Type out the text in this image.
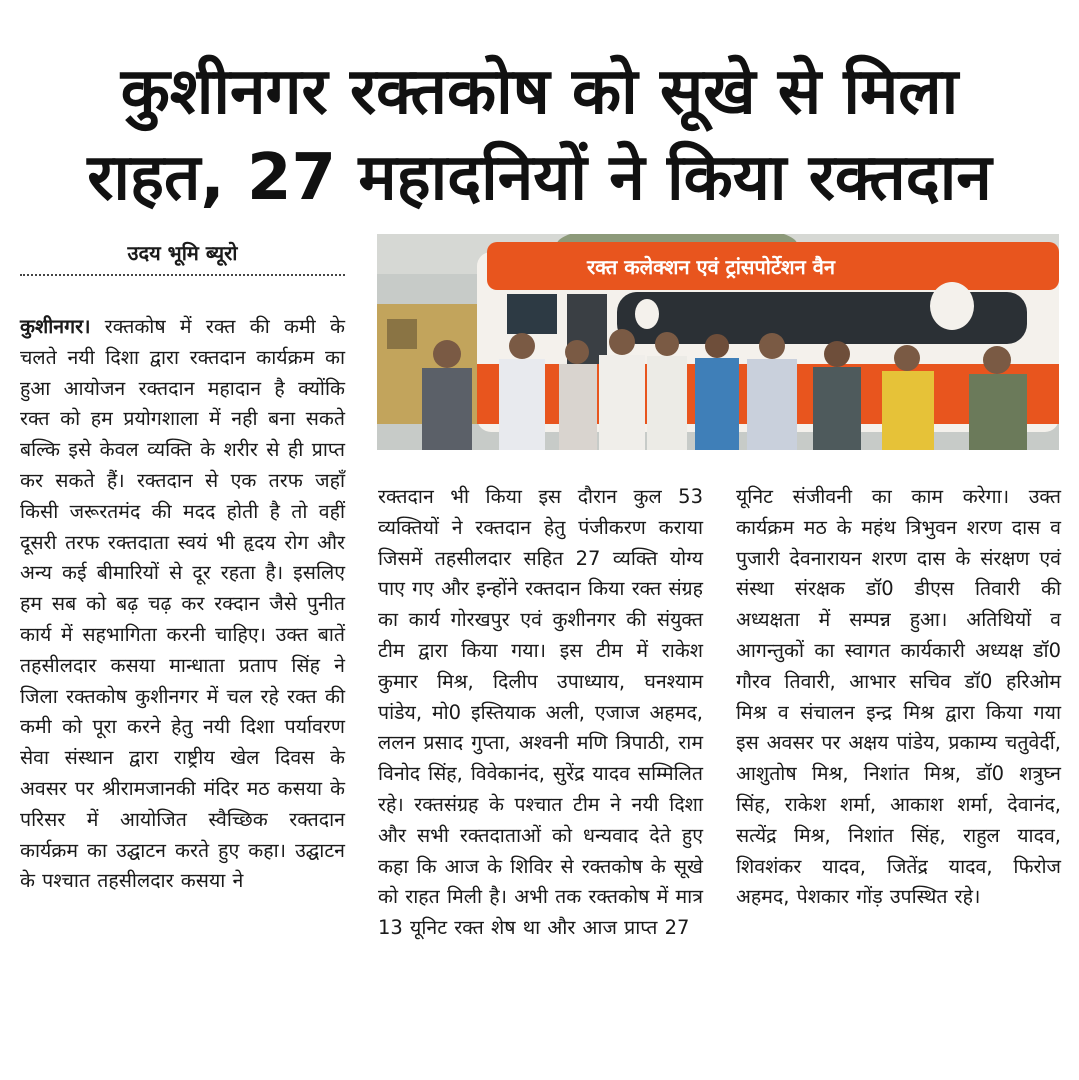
कुशीनगर रक्तकोष को सूखे से मिला
राहत, 27 महादनियों ने किया रक्तदान
उदय भूमि ब्यूरो
रक्त कलेक्शन एवं ट्रांसपोर्टेशन वैन
कुशीनगर। रक्तकोष में रक्त की कमी के चलते नयी दिशा द्वारा रक्तदान कार्यक्रम का हुआ आयोजन रक्तदान महादान है क्योंकि रक्त को हम प्रयोगशाला में नही बना सकते बल्कि इसे केवल व्यक्ति के शरीर से ही प्राप्त कर सकते हैं। रक्तदान से एक तरफ जहाँ किसी जरूरतमंद की मदद होती है तो वहीं दूसरी तरफ रक्तदाता स्वयं भी हृदय रोग और अन्य कई बीमारियों से दूर रहता है। इसलिए हम सब को बढ़ चढ़ कर रक्दान जैसे पुनीत कार्य में सहभागिता करनी चाहिए। उक्त बातें तहसीलदार कसया मान्धाता प्रताप सिंह ने जिला रक्तकोष कुशीनगर में चल रहे रक्त की कमी को पूरा करने हेतु नयी दिशा पर्यावरण सेवा संस्थान द्वारा राष्ट्रीय खेल दिवस के अवसर पर श्रीरामजानकी मंदिर मठ कसया के परिसर में आयोजित स्वैच्छिक रक्तदान कार्यक्रम का उद्घाटन करते हुए कहा। उद्घाटन के पश्चात तहसीलदार कसया ने
रक्तदान भी किया इस दौरान कुल 53 व्यक्तियों ने रक्तदान हेतु पंजीकरण कराया जिसमें तहसीलदार सहित 27 व्यक्ति योग्य पाए गए और इन्होंने रक्तदान किया रक्त संग्रह का कार्य गोरखपुर एवं कुशीनगर की संयुक्त टीम द्वारा किया गया। इस टीम में राकेश कुमार मिश्र, दिलीप उपाध्याय, घनश्याम पांडेय, मो0 इस्तियाक अली, एजाज अहमद, ललन प्रसाद गुप्ता, अश्वनी मणि त्रिपाठी, राम विनोद सिंह, विवेकानंद, सुरेंद्र यादव सम्मिलित रहे। रक्तसंग्रह के पश्चात टीम ने नयी दिशा और सभी रक्तदाताओं को धन्यवाद देते हुए कहा कि आज के शिविर से रक्तकोष के सूखे को राहत मिली है। अभी तक रक्तकोष में मात्र 13 यूनिट रक्त शेष था और आज प्राप्त 27
यूनिट संजीवनी का काम करेगा। उक्त कार्यक्रम मठ के महंथ त्रिभुवन शरण दास व पुजारी देवनारायन शरण दास के संरक्षण एवं संस्था संरक्षक डॉ0 डीएस तिवारी की अध्यक्षता में सम्पन्न हुआ। अतिथियों व आगन्तुकों का स्वागत कार्यकारी अध्यक्ष डॉ0 गौरव तिवारी, आभार सचिव डॉ0 हरिओम मिश्र व संचालन इन्द्र मिश्र द्वारा किया गया इस अवसर पर अक्षय पांडेय, प्रकाम्य चतुवेर्दी, आशुतोष मिश्र, निशांत मिश्र, डॉ0 शत्रुघ्न सिंह, राकेश शर्मा, आकाश शर्मा, देवानंद, सत्येंद्र मिश्र, निशांत सिंह, राहुल यादव, शिवशंकर यादव, जितेंद्र यादव, फिरोज अहमद, पेशकार गोंड़ उपस्थित रहे।
